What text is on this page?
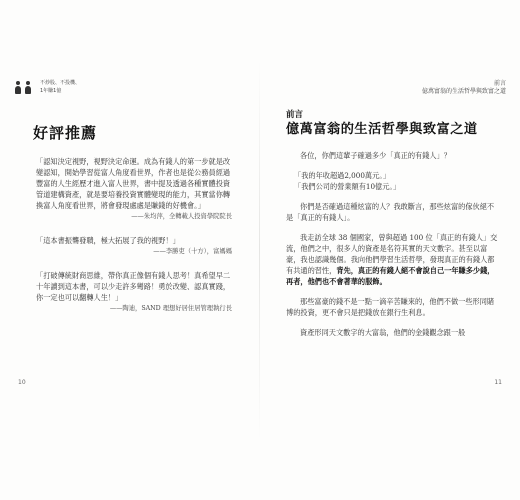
不炒股、不投機、
1年賺1億
好評推薦

「認知決定視野，視野決定命運。成為有錢人的第一步就是改變認知，開始學習從富人角度看世界，作者也是從公務員經過豐富的人生經歷才進入富人世界，書中提及透過各種實體投資管道建構資產，就是要培養投資實體變現的能力，其實當你轉換富人角度看世界，將會發現處處是賺錢的好機會。」

——朱均萍，全轉載人投資學院院長

「這本書振聾發聵，極大拓展了我的視野！」

——李勝吏（十方），富媽媽

「打破傳統財商思維，帶你真正像個有錢人思考！真希望早二十年讀到這本書，可以少走許多彎路！勇於改變、認真實踐，你一定也可以翻轉人生！」

——陶迪，SAND 理想好居住居管理執行長
10
前言
億萬富翁的生活哲學與致富之道
前言
億萬富翁的生活哲學與致富之道

各位，你們這輩子確過多少「真正的有錢人」？

「我的年收超過2,000萬元。」
「我們公司的營業額有10億元。」

你們是否確過這種炫富的人？我敢斷言，那些炫富的傢伙絕不是「真正的有錢人」。

我走訪全球 38 個國家，曾與超過 100 位「真正的有錢人」交流，他們之中，很多人的資產是名符其實的天文數字。甚至以富豪，我也認識幾個。我向他們學習生活哲學，發現真正的有錢人都有共通的習性，背先，真正的有錢人絕不會說自己一年賺多少錢，再者，他們也不會著華的服飾。

那些富豪的錢不是一點一滴辛苦賺來的，他們不做一些形同賭博的投資，更不會只是把錢放在銀行生利息。

資產形同天文數字的大富翁，他們的金錢觀念跟一般

11
